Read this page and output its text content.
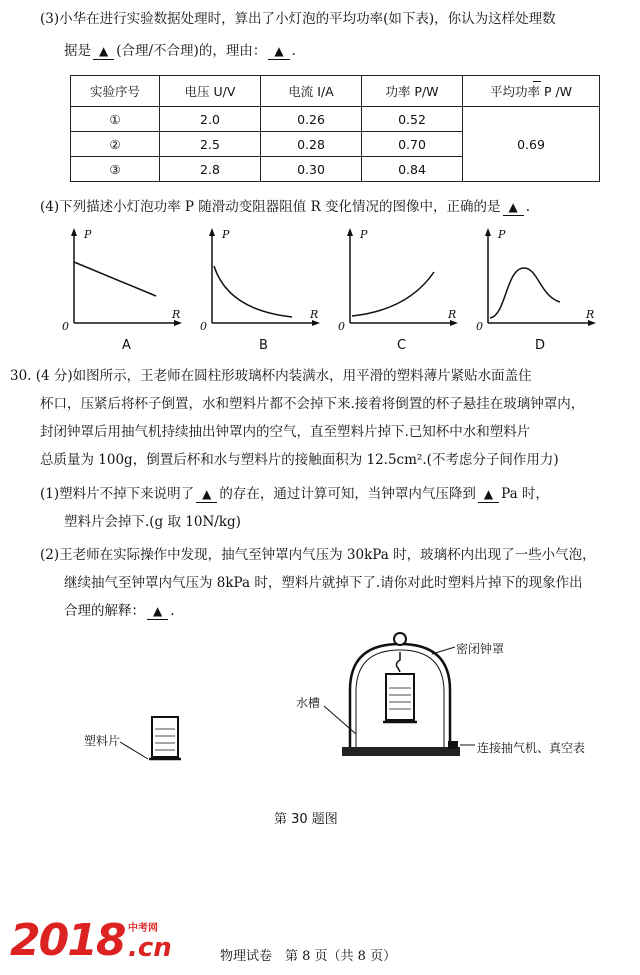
(3)小华在进行实验数据处理时，算出了小灯泡的平均功率(如下表)，你认为这样处理数
据是 ▲ (合理/不合理)的，理由： ▲ .
实验序号	电压 U/V	电流 I/A	功率 P/W	平均功率 P /W
①	2.0	0.26	0.52	0.69
②	2.5	0.28	0.70	
③	2.8	0.30	0.84	
(4)下列描述小灯泡功率 P 随滑动变阻器阻值 R 变化情况的图像中，正确的是 ▲ .
P
R
0
P
R
0
P
R
0
P
R
0
A	B	C	D
30. (4 分)如图所示，王老师在圆柱形玻璃杯内装满水，用平滑的塑料薄片紧贴水面盖住
杯口，压紧后将杯子倒置，水和塑料片都不会掉下来.接着将倒置的杯子悬挂在玻璃钟罩内，
封闭钟罩后用抽气机持续抽出钟罩内的空气，直至塑料片掉下.已知杯中水和塑料片
总质量为 100g，倒置后杯和水与塑料片的接触面积为 12.5cm².(不考虑分子间作用力)
(1)塑料片不掉下来说明了 ▲ 的存在，通过计算可知，当钟罩内气压降到 ▲ Pa 时，
塑料片会掉下.(g 取 10N/kg)
(2)王老师在实际操作中发现，抽气至钟罩内气压为 30kPa 时，玻璃杯内出现了一些小气泡，
继续抽气至钟罩内气压为 8kPa 时，塑料片就掉下了.请你对此时塑料片掉下的现象作出
合理的解释： ▲ .
塑料片
水槽
密闭钟罩
连接抽气机、真空表
第 30 题图
2018 中考网
.cn	物理试卷　第 8 页（共 8 页）
